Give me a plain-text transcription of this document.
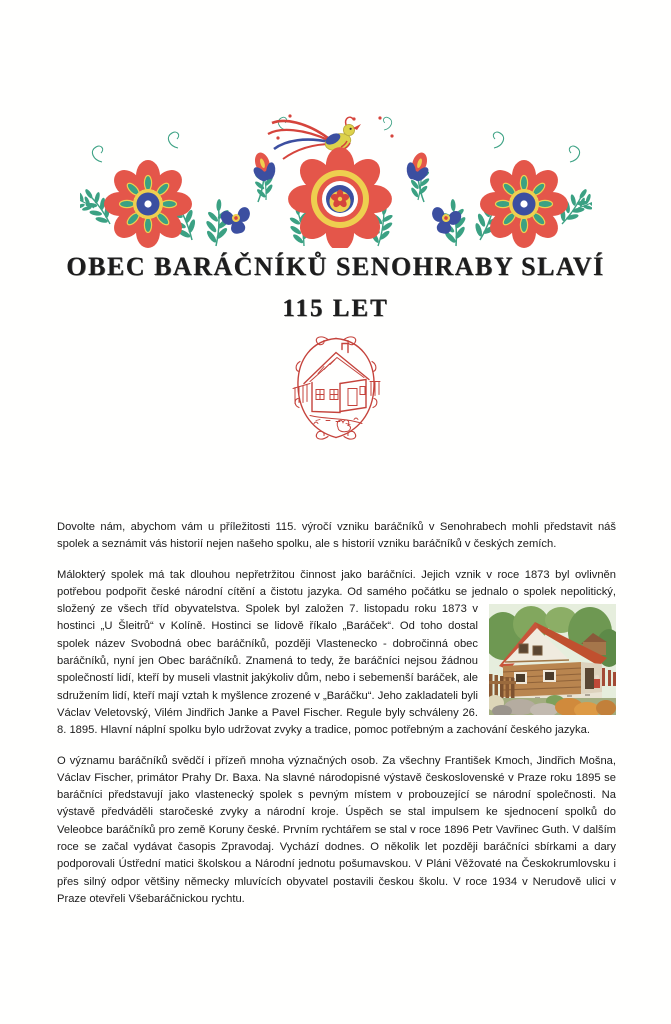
OBEC BARÁČNÍKŮ SENOHRABY SLAVÍ
115 LET

Dovolte nám, abychom vám u příležitosti 115. výročí vzniku baráčníků v Senohrabech mohli představit náš spolek a seznámit vás historií nejen našeho spolku, ale s historií vzniku baráčníků v českých zemích.

Málokterý spolek má tak dlouhou nepřetržitou činnost jako baráčníci. Jejich vznik v roce 1873 byl ovlivněn potřebou podpořit české národní cítění a čistotu jazyka. Od samého počátku se jednalo o spolek nepolitický,
složený ze všech tříd obyvatelstva. Spolek byl založen 7. listopadu roku 1873 v hostinci „U Šleitrů“ v Kolíně. Hostinci se lidově říkalo „Baráček“. Od toho dostal spolek název Svobodná obec baráčníků, později Vlastenecko - dobročinná obec baráčníků, nyní jen Obec baráčníků. Znamená to tedy, že baráčníci nejsou žádnou společností lidí, kteří by museli vlastnit jakýkoliv dům, nebo i sebemenší baráček, ale sdružením lidí, kteří mají vztah k myšlence zrozené v „Baráčku“. Jeho zakladateli byli Václav Veletovský, Vilém Jindřich Janke a Pavel Fischer. Regule byly schváleny 26. 8. 1895. Hlavní náplní spolku bylo udržovat zvyky a tradice, pomoc potřebným a zachování českého jazyka.

O významu baráčníků svědčí i přízeň mnoha význačných osob. Za všechny František Kmoch, Jindřich Mošna, Václav Fischer, primátor Prahy Dr. Baxa. Na slavné národopisné výstavě československé v Praze roku 1895 se baráčníci představují jako vlastenecký spolek s pevným místem v probouzející se národní společnosti. Na výstavě předváděli staročeské zvyky a národní kroje. Úspěch se stal impulsem ke sjednocení spolků do Veleobce baráčníků pro země Koruny české. Prvním rychtářem se stal v roce 1896 Petr Vavřinec Guth. V dalším roce se začal vydávat časopis Zpravodaj. Vychází dodnes. O několik let později baráčníci sbírkami a dary podporovali Ústřední matici školskou a Národní jednotu pošumavskou. V Pláni Věžovaté na Českokrumlovsku i přes silný odpor většiny německy mluvících obyvatel postavili českou školu. V roce 1934 v Nerudově ulici v Praze otevřeli Všebaráčnickou rychtu.
